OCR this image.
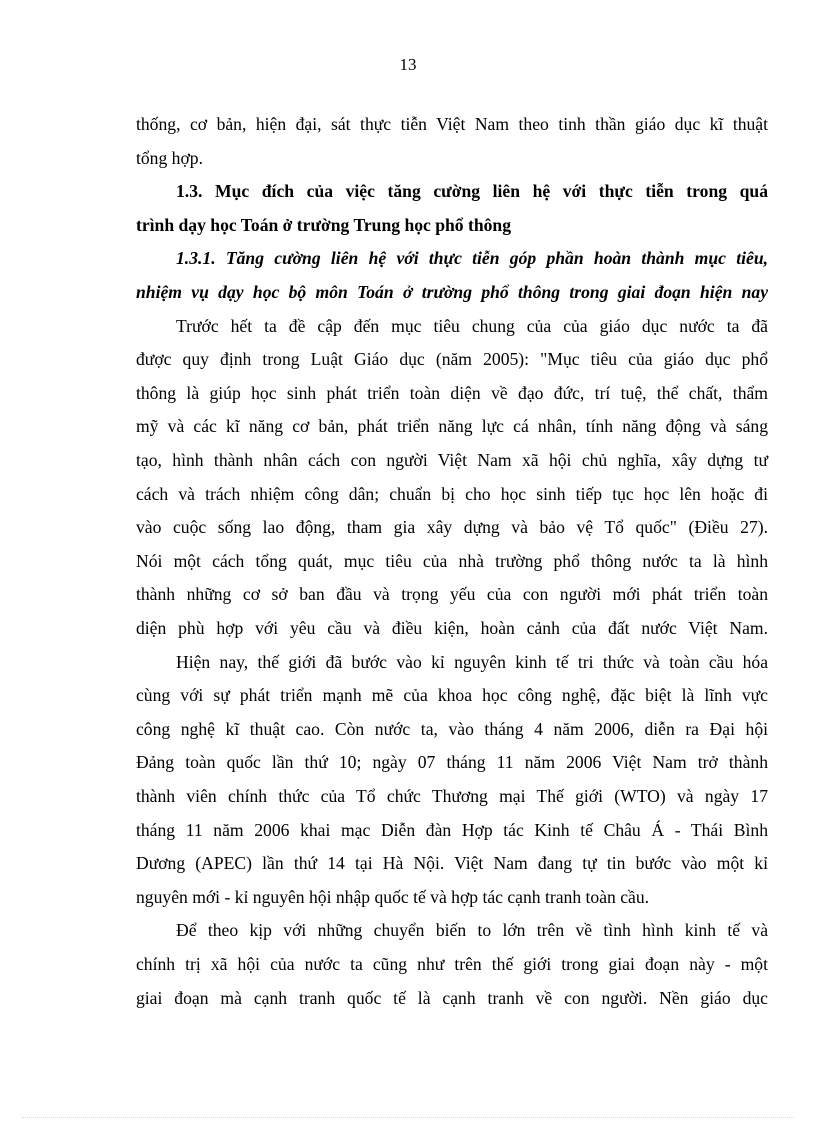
13
thống, cơ bản, hiện đại, sát thực tiễn Việt Nam theo tinh thần giáo dục kĩ thuật
tổng hợp.
1.3. Mục đích của việc tăng cường liên hệ với thực tiễn trong quá
trình dạy học Toán ở trường Trung học phổ thông
1.3.1. Tăng cường liên hệ với thực tiễn góp phần hoàn thành mục tiêu,
nhiệm vụ dạy học bộ môn Toán ở trường phổ thông trong giai đoạn hiện nay
Trước hết ta đề cập đến mục tiêu chung của của giáo dục nước ta đã
được quy định trong Luật Giáo dục (năm 2005): "Mục tiêu của giáo dục phổ
thông là giúp học sinh phát triển toàn diện về đạo đức, trí tuệ, thể chất, thẩm
mỹ và các kĩ năng cơ bản, phát triển năng lực cá nhân, tính năng động và sáng
tạo, hình thành nhân cách con người Việt Nam xã hội chủ nghĩa, xây dựng tư
cách và trách nhiệm công dân; chuẩn bị cho học sinh tiếp tục học lên hoặc đi
vào cuộc sống lao động, tham gia xây dựng và bảo vệ Tổ quốc" (Điều 27).
Nói một cách tổng quát, mục tiêu của nhà trường phổ thông nước ta là hình
thành những cơ sở ban đầu và trọng yếu của con người mới phát triển toàn
diện phù hợp với yêu cầu và điều kiện, hoàn cảnh của đất nước Việt Nam.
Hiện nay, thế giới đã bước vào kỉ nguyên kinh tế tri thức và toàn cầu hóa
cùng với sự phát triển mạnh mẽ của khoa học công nghệ, đặc biệt là lĩnh vực
công nghệ kĩ thuật cao. Còn nước ta, vào tháng 4 năm 2006, diễn ra Đại hội
Đảng toàn quốc lần thứ 10; ngày 07 tháng 11 năm 2006 Việt Nam trở thành
thành viên chính thức của Tổ chức Thương mại Thế giới (WTO) và ngày 17
tháng 11 năm 2006 khai mạc Diễn đàn Hợp tác Kinh tế Châu Á - Thái Bình
Dương (APEC) lần thứ 14 tại Hà Nội. Việt Nam đang tự tin bước vào một kỉ
nguyên mới - kỉ nguyên hội nhập quốc tế và hợp tác cạnh tranh toàn cầu.
Để theo kịp với những chuyển biến to lớn trên về tình hình kinh tế và
chính trị xã hội của nước ta cũng như trên thế giới trong giai đoạn này - một
giai đoạn mà cạnh tranh quốc tế là cạnh tranh về con người. Nền giáo dục
